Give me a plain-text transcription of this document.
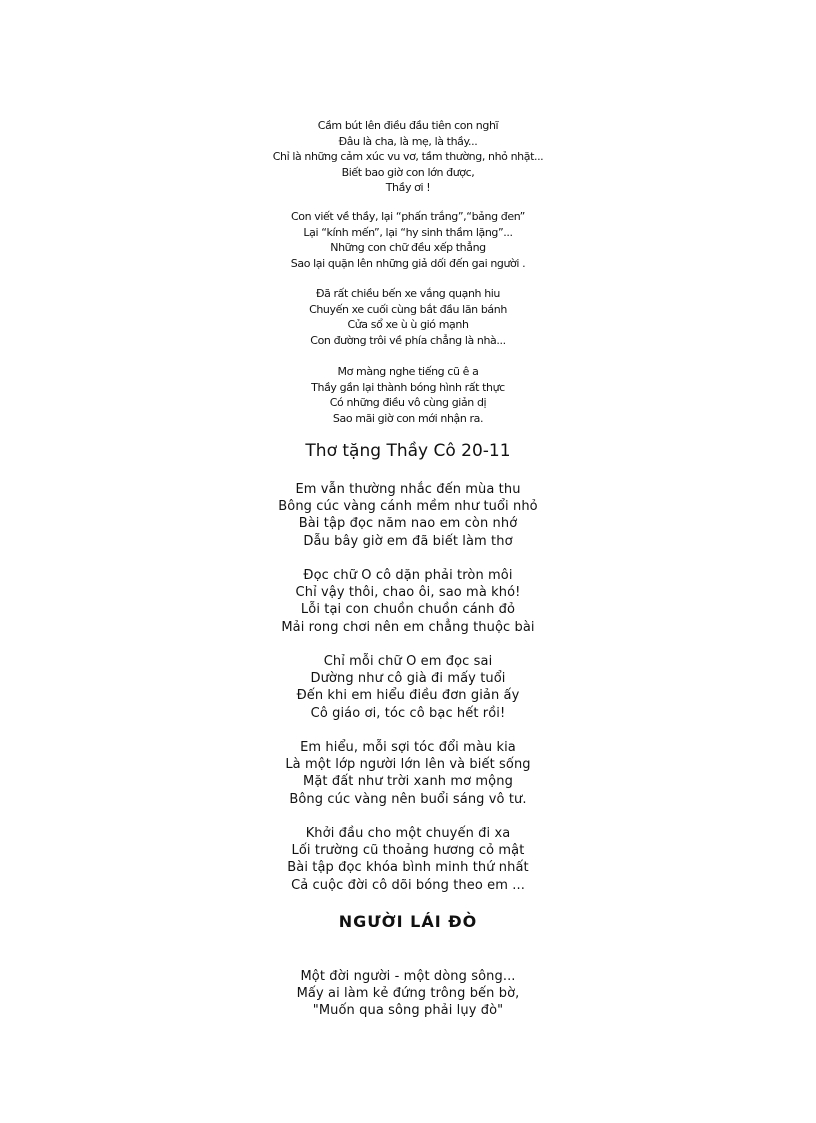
Cầm bút lên điều đầu tiên con nghĩ
Đâu là cha, là mẹ, là thầy...
Chỉ là những cảm xúc vu vơ, tầm thường, nhỏ nhặt...
Biết bao giờ con lớn được,
Thầy ơi !
Con viết về thầy, lại “phấn trắng”,“bảng đen”
Lại “kính mến”, lại “hy sinh thầm lặng”...
Những con chữ đều xếp thẳng
Sao lại quặn lên những giả dối đến gai người .
Đã rất chiều bến xe vắng quạnh hiu
Chuyến xe cuối cùng bắt đầu lăn bánh
Cửa sổ xe ù ù gió mạnh
Con đường trôi về phía chẳng là nhà...
Mơ màng nghe tiếng cũ ê a
Thầy gần lại thành bóng hình rất thực
Có những điều vô cùng giản dị
Sao mãi giờ con mới nhận ra.
Thơ tặng Thầy Cô 20-11
Em vẫn thường nhắc đến mùa thu
Bông cúc vàng cánh mềm như tuổi nhỏ
Bài tập đọc năm nao em còn nhớ
Dẫu bây giờ em đã biết làm thơ
Đọc chữ O cô dặn phải tròn môi
Chỉ vậy thôi, chao ôi, sao mà khó!
Lỗi tại con chuồn chuồn cánh đỏ
Mải rong chơi nên em chẳng thuộc bài
Chỉ mỗi chữ O em đọc sai
Dường như cô già đi mấy tuổi
Đến khi em hiểu điều đơn giản ấy
Cô giáo ơi, tóc cô bạc hết rồi!
Em hiểu, mỗi sợi tóc đổi màu kia
Là một lớp người lớn lên và biết sống
Mặt đất như trời xanh mơ mộng
Bông cúc vàng nên buổi sáng vô tư.
Khởi đầu cho một chuyến đi xa
Lối trường cũ thoảng hương cỏ mật
Bài tập đọc khóa bình minh thứ nhất
Cả cuộc đời cô dõi bóng theo em ...
NGƯỜI LÁI ĐÒ
Một đời người - một dòng sông...
Mấy ai làm kẻ đứng trông bến bờ,
"Muốn qua sông phải lụy đò"
